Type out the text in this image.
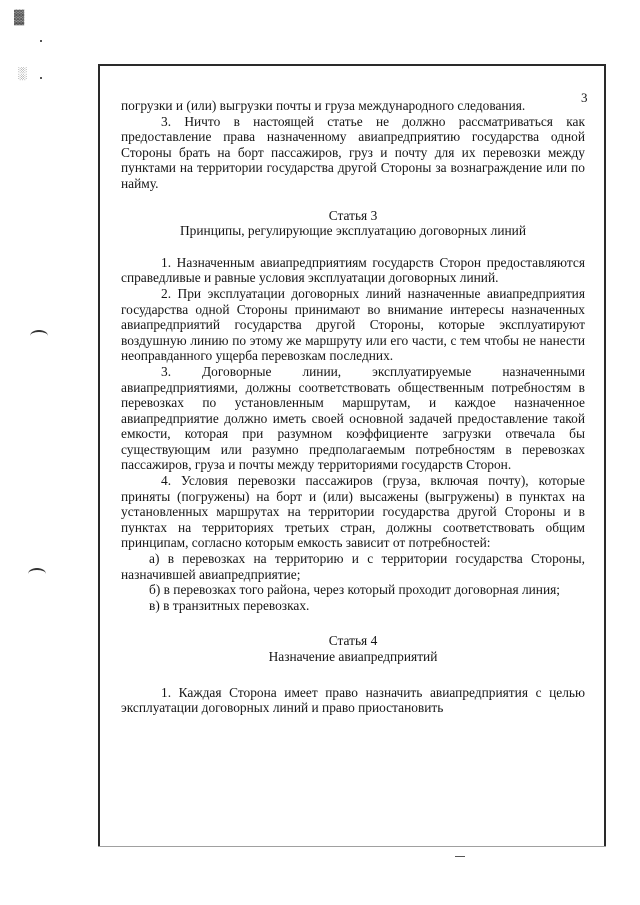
3

погрузки и (или) выгрузки почты и груза международного следования.

3. Ничто в настоящей статье не должно рассматриваться как предоставление права назначенному авиапредприятию государства одной Стороны брать на борт пассажиров, груз и почту для их перевозки между пунктами на территории государства другой Стороны за вознаграждение или по найму.

Статья 3

Принципы, регулирующие эксплуатацию договорных линий

1. Назначенным авиапредприятиям государств Сторон предоставляются справедливые и равные условия эксплуатации договорных линий.

2. При эксплуатации договорных линий назначенные авиапредприятия государства одной Стороны принимают во внимание интересы назначенных авиапредприятий государства другой Стороны, которые эксплуатируют воздушную линию по этому же маршруту или его части, с тем чтобы не нанести неоправданного ущерба перевозкам последних.

3. Договорные линии, эксплуатируемые назначенными авиапредприятиями, должны соответствовать общественным потребностям в перевозках по установленным маршрутам, и каждое назначенное авиапредприятие должно иметь своей основной задачей предоставление такой емкости, которая при разумном коэффициенте загрузки отвечала бы существующим или разумно предполагаемым потребностям в перевозках пассажиров, груза и почты между территориями государств Сторон.

4. Условия перевозки пассажиров (груза, включая почту), которые приняты (погружены) на борт и (или) высажены (выгружены) в пунктах на установленных маршрутах на территории государства другой Стороны и в пунктах на территориях третьих стран, должны соответствовать общим принципам, согласно которым емкость зависит от потребностей:

а) в перевозках на территорию и с территории государства Стороны, назначившей авиапредприятие;

б) в перевозках того района, через который проходит договорная линия;

в) в транзитных перевозках.

Статья 4

Назначение авиапредприятий

1. Каждая Сторона имеет право назначить авиапредприятия с целью эксплуатации договорных линий и право приостановить

▓
░
